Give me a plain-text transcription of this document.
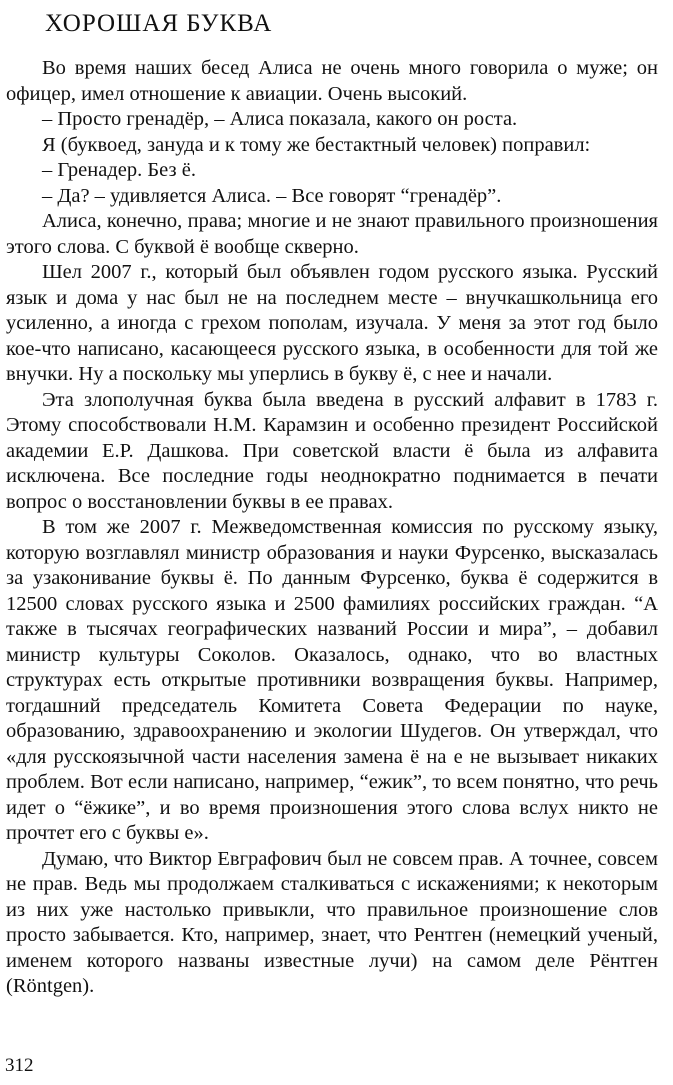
ХОРОШАЯ БУКВА

Во время наших бесед Алиса не очень много говорила о муже; он офицер, имел отношение к авиации. Очень высокий.

– Просто гренадёр, – Алиса показала, какого он роста.

Я (буквоед, зануда и к тому же бестактный человек) поправил:

– Гренадер. Без ё.

– Да? – удивляется Алиса. – Все говорят “гренадёр”.

Алиса, конечно, права; многие и не знают правильного произношения этого слова. С буквой ё вообще скверно.

Шел 2007 г., который был объявлен годом русского языка. Русский язык и дома у нас был не на последнем месте – внучкашкольница его усиленно, а иногда с грехом пополам, изучала. У меня за этот год было кое-что написано, касающееся русского языка, в особенности для той же внучки. Ну а поскольку мы уперлись в букву ё, с нее и начали.

Эта злополучная буква была введена в русский алфавит в 1783 г. Этому способствовали Н.М. Карамзин и особенно президент Российской академии Е.Р. Дашкова. При советской власти ё была из алфавита исключена. Все последние годы неоднократно поднимается в печати вопрос о восстановлении буквы в ее правах.

В том же 2007 г. Межведомственная комиссия по русскому языку, которую возглавлял министр образования и науки Фурсенко, высказалась за узаконивание буквы ё. По данным Фурсенко, буква ё содержится в 12500 словах русского языка и 2500 фамилиях российских граждан. “А также в тысячах географических названий России и мира”, – добавил министр культуры Соколов. Оказалось, однако, что во властных структурах есть открытые противники возвращения буквы. Например, тогдашний председатель Комитета Совета Федерации по науке, образованию, здравоохранению и экологии Шудегов. Он утверждал, что «для русскоязычной части населения замена ё на е не вызывает никаких проблем. Вот если написано, например, “ежик”, то всем понятно, что речь идет о “ёжике”, и во время произношения этого слова вслух никто не прочтет его с буквы е».

Думаю, что Виктор Евграфович был не совсем прав. А точнее, совсем не прав. Ведь мы продолжаем сталкиваться с искажениями; к некоторым из них уже настолько привыкли, что правильное произношение слов просто забывается. Кто, например, знает, что Рентген (немецкий ученый, именем которого названы известные лучи) на самом деле Рёнтген (Röntgen).

312
